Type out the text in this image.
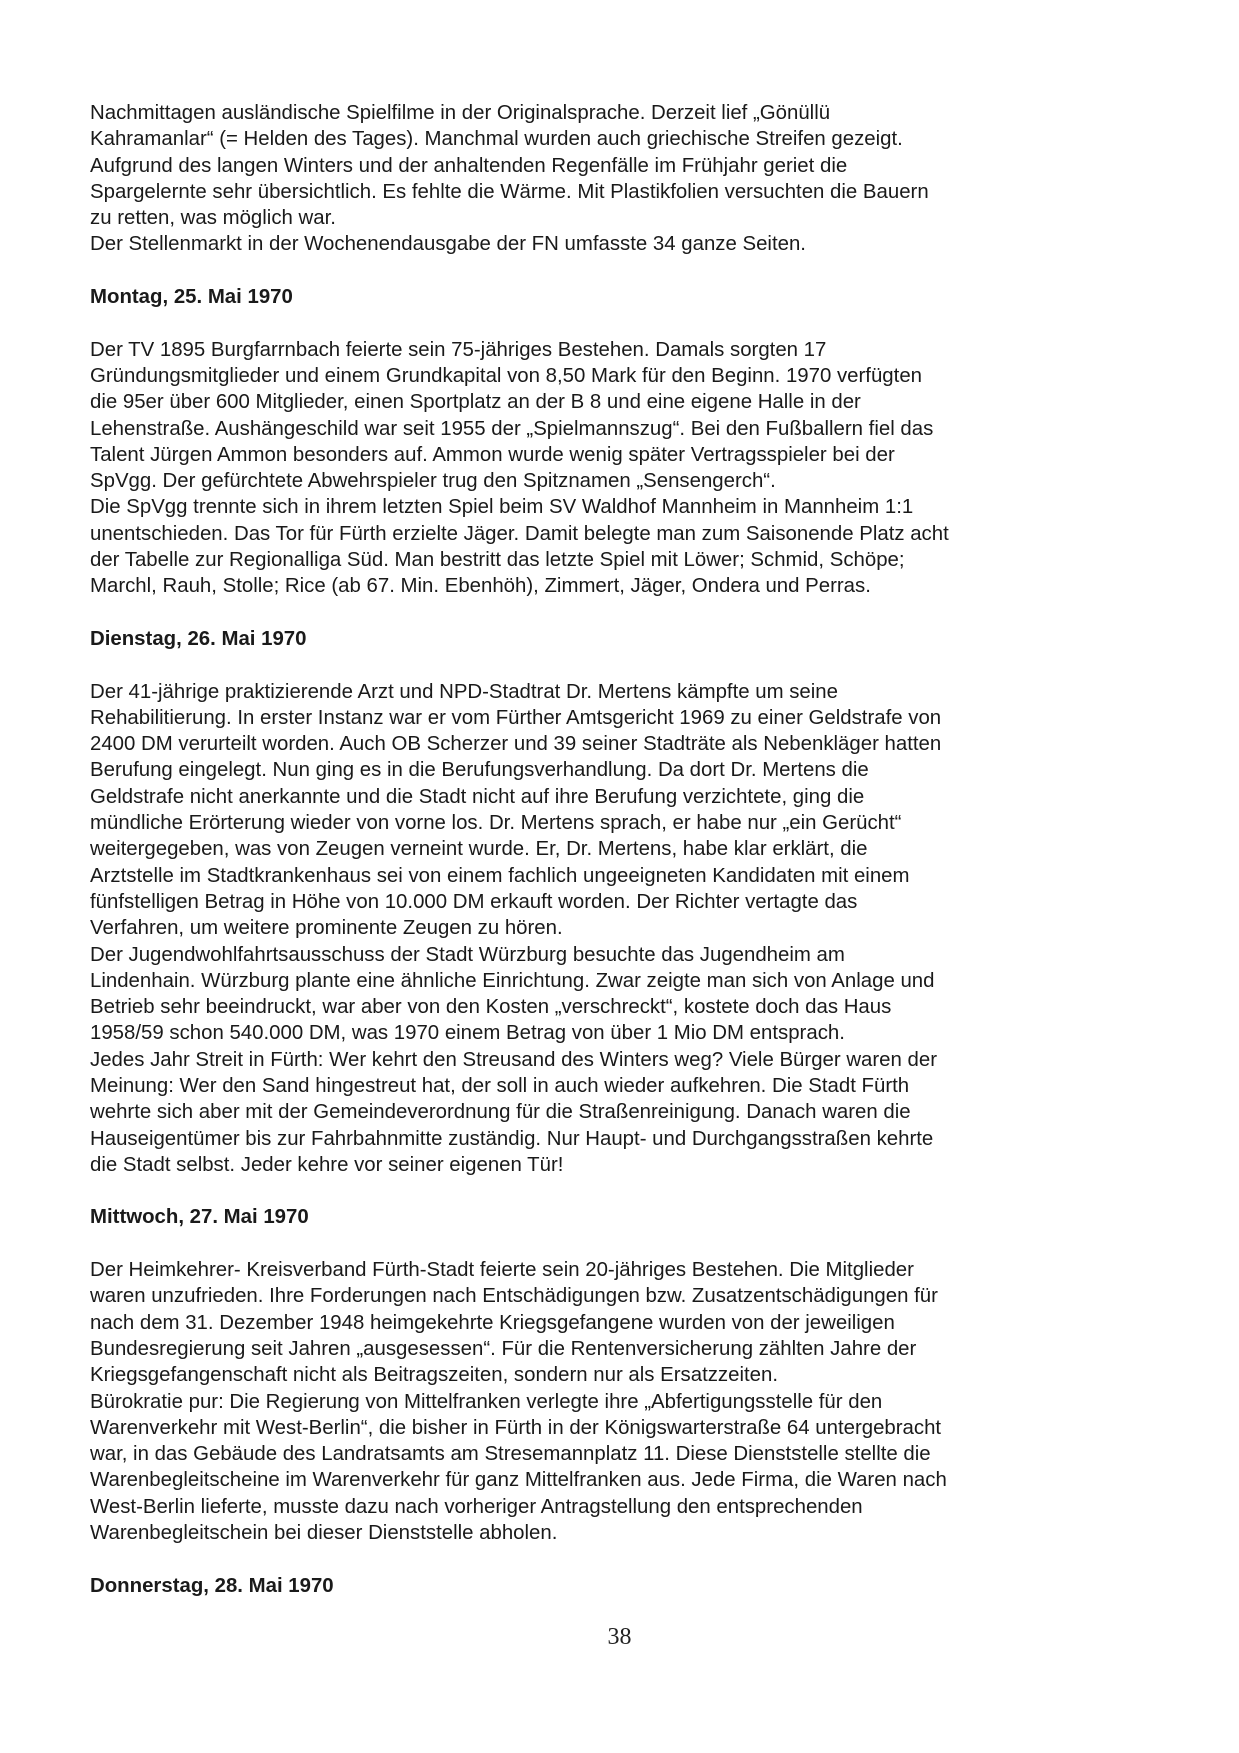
Nachmittagen ausländische Spielfilme in der Originalsprache. Derzeit lief „Gönüllü

Kahramanlar“ (= Helden des Tages). Manchmal wurden auch griechische Streifen gezeigt.

Aufgrund des langen Winters und der anhaltenden Regenfälle im Frühjahr geriet die

Spargelernte sehr übersichtlich. Es fehlte die Wärme. Mit Plastikfolien versuchten die Bauern

zu retten, was möglich war.

Der Stellenmarkt in der Wochenendausgabe der FN umfasste 34 ganze Seiten.

Montag, 25. Mai 1970

Der TV 1895 Burgfarrnbach feierte sein 75-jähriges Bestehen. Damals sorgten 17

Gründungsmitglieder und einem Grundkapital von 8,50 Mark für den Beginn. 1970 verfügten

die 95er über 600 Mitglieder, einen Sportplatz an der B 8 und eine eigene Halle in der

Lehenstraße. Aushängeschild war seit 1955 der „Spielmannszug“. Bei den Fußballern fiel das

Talent Jürgen Ammon besonders auf. Ammon wurde wenig später Vertragsspieler bei der

SpVgg. Der gefürchtete Abwehrspieler trug den Spitznamen „Sensengerch“.

Die SpVgg trennte sich in ihrem letzten Spiel beim SV Waldhof Mannheim in Mannheim 1:1

unentschieden. Das Tor für Fürth erzielte Jäger. Damit belegte man zum Saisonende Platz acht

der Tabelle zur Regionalliga Süd. Man bestritt das letzte Spiel mit Löwer; Schmid, Schöpe;

Marchl, Rauh, Stolle; Rice (ab 67. Min. Ebenhöh), Zimmert, Jäger, Ondera und Perras.

Dienstag, 26. Mai 1970

Der 41-jährige praktizierende Arzt und NPD-Stadtrat Dr. Mertens kämpfte um seine

Rehabilitierung. In erster Instanz war er vom Fürther Amtsgericht 1969 zu einer Geldstrafe von

2400 DM verurteilt worden. Auch OB Scherzer und 39 seiner Stadträte als Nebenkläger hatten

Berufung eingelegt. Nun ging es in die Berufungsverhandlung. Da dort Dr. Mertens die

Geldstrafe nicht anerkannte und die Stadt nicht auf ihre Berufung verzichtete, ging die

mündliche Erörterung wieder von vorne los. Dr. Mertens sprach, er habe nur „ein Gerücht“

weitergegeben, was von Zeugen verneint wurde. Er, Dr. Mertens, habe klar erklärt, die

Arztstelle im Stadtkrankenhaus sei von einem fachlich ungeeigneten Kandidaten mit einem

fünfstelligen Betrag in Höhe von 10.000 DM erkauft worden. Der Richter vertagte das

Verfahren, um weitere prominente Zeugen zu hören.

Der Jugendwohlfahrtsausschuss der Stadt Würzburg besuchte das Jugendheim am

Lindenhain. Würzburg plante eine ähnliche Einrichtung. Zwar zeigte man sich von Anlage und

Betrieb sehr beeindruckt, war aber von den Kosten „verschreckt“, kostete doch das Haus

1958/59 schon 540.000 DM, was 1970 einem Betrag von über 1 Mio DM entsprach.

Jedes Jahr Streit in Fürth: Wer kehrt den Streusand des Winters weg? Viele Bürger waren der

Meinung: Wer den Sand hingestreut hat, der soll in auch wieder aufkehren. Die Stadt Fürth

wehrte sich aber mit der Gemeindeverordnung für die Straßenreinigung. Danach waren die

Hauseigentümer bis zur Fahrbahnmitte zuständig. Nur Haupt- und Durchgangsstraßen kehrte

die Stadt selbst. Jeder kehre vor seiner eigenen Tür!

Mittwoch, 27. Mai 1970

Der Heimkehrer- Kreisverband Fürth-Stadt feierte sein 20-jähriges Bestehen. Die Mitglieder

waren unzufrieden. Ihre Forderungen nach Entschädigungen bzw. Zusatzentschädigungen für

nach dem 31. Dezember 1948 heimgekehrte Kriegsgefangene wurden von der jeweiligen

Bundesregierung seit Jahren „ausgesessen“. Für die Rentenversicherung zählten Jahre der

Kriegsgefangenschaft nicht als Beitragszeiten, sondern nur als Ersatzzeiten.

Bürokratie pur: Die Regierung von Mittelfranken verlegte ihre „Abfertigungsstelle für den

Warenverkehr mit West-Berlin“, die bisher in Fürth in der Königswarterstraße 64 untergebracht

war, in das Gebäude des Landratsamts am Stresemannplatz 11. Diese Dienststelle stellte die

Warenbegleitscheine im Warenverkehr für ganz Mittelfranken aus. Jede Firma, die Waren nach

West-Berlin lieferte, musste dazu nach vorheriger Antragstellung den entsprechenden

Warenbegleitschein bei dieser Dienststelle abholen.

Donnerstag, 28. Mai 1970

38
